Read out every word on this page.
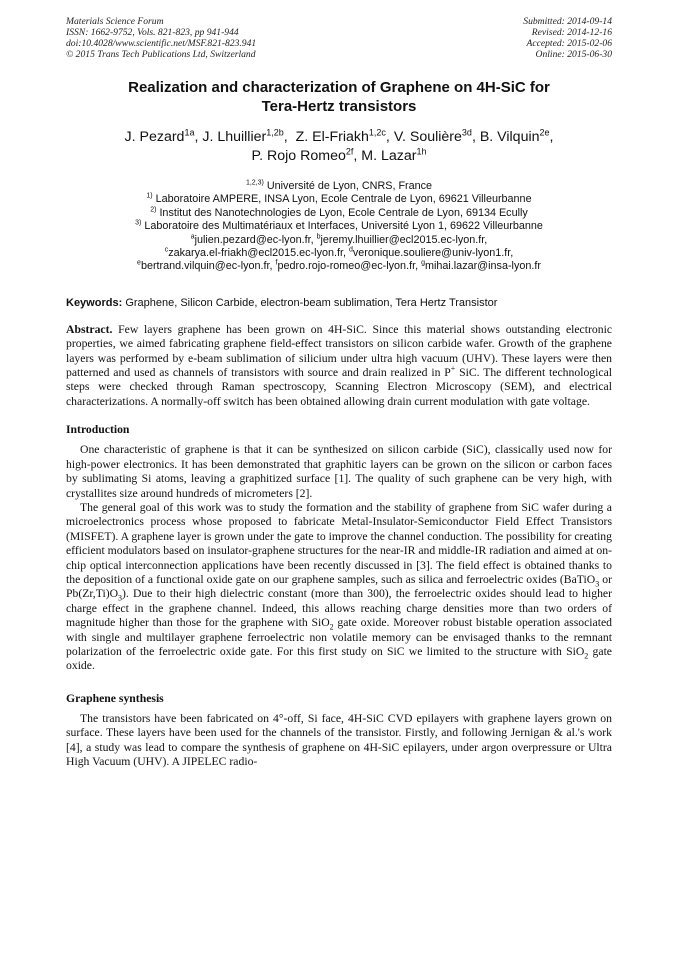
Materials Science Forum
ISSN: 1662-9752, Vols. 821-823, pp 941-944
doi:10.4028/www.scientific.net/MSF.821-823.941
© 2015 Trans Tech Publications Ltd, Switzerland
Submitted: 2014-09-14
Revised: 2014-12-16
Accepted: 2015-02-06
Online: 2015-06-30
Realization and characterization of Graphene on 4H-SiC for
Tera-Hertz transistors
J. Pezard$^{1a}$, J. Lhuillier$^{1,2b}$,  Z. El-Friakh$^{1,2c}$, V. Soulière$^{3d}$, B. Vilquin$^{2e}$,
P. Rojo Romeo$^{2f}$, M. Lazar$^{1h}$
$^{1,2,3)}$ Université de Lyon, CNRS, France
$^{1)}$ Laboratoire AMPERE, INSA Lyon, Ecole Centrale de Lyon, 69621 Villeurbanne
$^{2)}$ Institut des Nanotechnologies de Lyon, Ecole Centrale de Lyon, 69134 Ecully
$^{3)}$ Laboratoire des Multimatériaux et Interfaces, Université Lyon 1, 69622 Villeurbanne
$^a$julien.pezard@ec-lyon.fr, $^b$jeremy.lhuillier@ecl2015.ec-lyon.fr,
$^c$zakarya.el-friakh@ecl2015.ec-lyon.fr, $^d$veronique.souliere@univ-lyon1.fr,
$^e$bertrand.vilquin@ec-lyon.fr, $^f$pedro.rojo-romeo@ec-lyon.fr, $^g$mihai.lazar@insa-lyon.fr
Keywords: Graphene, Silicon Carbide, electron-beam sublimation, Tera Hertz Transistor
Abstract. Few layers graphene has been grown on 4H-SiC. Since this material shows outstanding electronic properties, we aimed fabricating graphene field-effect transistors on silicon carbide wafer. Growth of the graphene layers was performed by e-beam sublimation of silicium under ultra high vacuum (UHV). These layers were then patterned and used as channels of transistors with source and drain realized in P+ SiC. The different technological steps were checked through Raman spectroscopy, Scanning Electron Microscopy (SEM), and electrical characterizations. A normally-off switch has been obtained allowing drain current modulation with gate voltage.
Introduction

One characteristic of graphene is that it can be synthesized on silicon carbide (SiC), classically used now for high-power electronics. It has been demonstrated that graphitic layers can be grown on the silicon or carbon faces by sublimating Si atoms, leaving a graphitized surface [1]. The quality of such graphene can be very high, with crystallites size around hundreds of micrometers [2].

The general goal of this work was to study the formation and the stability of graphene from SiC wafer during a microelectronics process whose proposed to fabricate Metal-Insulator-Semiconductor Field Effect Transistors (MISFET). A graphene layer is grown under the gate to improve the channel conduction. The possibility for creating efficient modulators based on insulator-graphene structures for the near-IR and middle-IR radiation and aimed at on-chip optical interconnection applications have been recently discussed in [3]. The field effect is obtained thanks to the deposition of a functional oxide gate on our graphene samples, such as silica and ferroelectric oxides (BaTiO$_3$ or $Pb(Zr,Ti)O_3$). Due to their high dielectric constant (more than 300), the ferroelectric oxides should lead to higher charge effect in the graphene channel. Indeed, this allows reaching charge densities more than two orders of magnitude higher than those for the graphene with SiO$_2$ gate oxide. Moreover robust bistable operation associated with single and multilayer graphene ferroelectric non volatile memory can be envisaged thanks to the remnant polarization of the ferroelectric oxide gate. For this first study on SiC we limited to the structure with SiO$_2$ gate oxide.

Graphene synthesis

The transistors have been fabricated on 4°-off, Si face, 4H-SiC CVD epilayers with graphene layers grown on surface. These layers have been used for the channels of the transistor. Firstly, and following Jernigan & al.'s work [4], a study was lead to compare the synthesis of graphene on 4H-SiC epilayers, under argon overpressure or Ultra High Vacuum (UHV). A JIPELEC radio-
